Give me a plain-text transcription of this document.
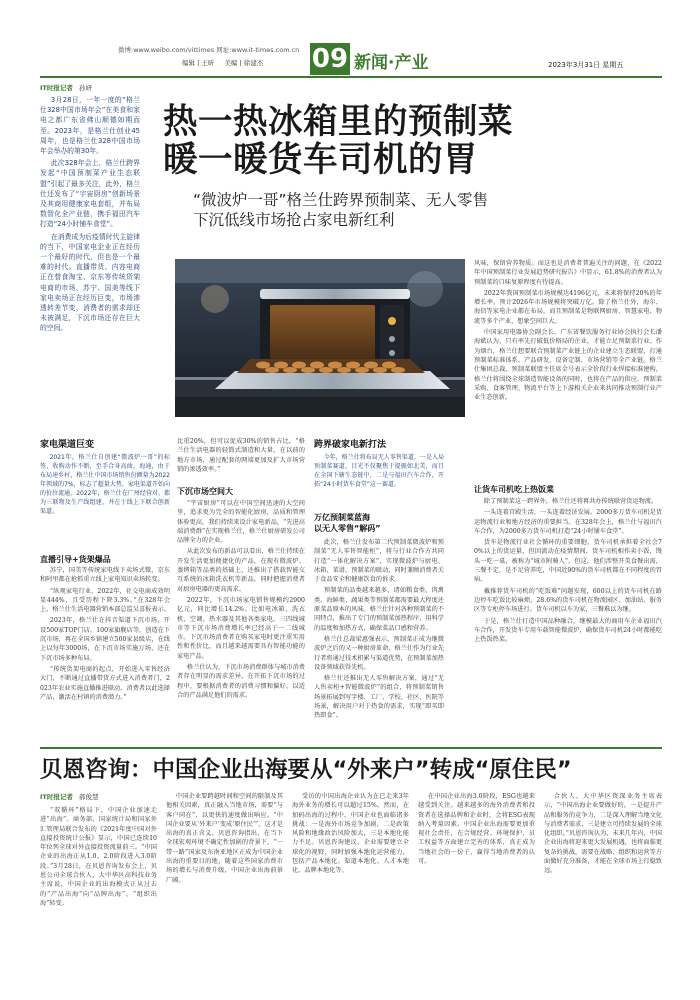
微博:www.weibo.com/vittimes 网址:www.it-times.com.cn
编辑 | 王昕 美编 | 徐建杰	09 新闻·产业	2023年3月31日 星期五
IT时报记者 孙妍

3月28日，一年一度的“格兰仕328中国市场年会”在美食和家电之都广东省佛山顺德如期而至。2023年，是格兰仕创业45周年，也是格兰仕328中国市场年会举办的第30年。

此次328年会上，格兰仕跨界发起“中国预制菜产业生态联盟”引起了最多关注，此外，格兰仕还发布了“宇宙厨房”创新场景及其商用健康家电套组，并布局数智化全产业链，携手福田汽车打造“24小时铺车食堂”。

在消费成为后疫情时代主旋律的当下，中国家电企业正在经历一个最好的时代，但也是一个最难的时代。直播带货、内容电商正在替食淘宝、京东等传统货架电商的市场，苏宁、国美等线下家电卖场正在经历巨变，市场渗透转差节变，消费者的需求却还未被满足，下沉市场还存在巨大的空间。

热一热冰箱里的预制菜
暖一暖货车司机的胃
“微波炉一哥”格兰仕跨界预制菜、无人零售
下沉低线市场抢占家电新红利
家电渠道巨变

2021年，格兰仕自创建“微波炉一哥”的标签，收购动作不断，至手合身高曲，海通，由于布局速乡村，格兰仕中国市场销售份额量为2022年领域的7%，标志了超量大势，家电渠道开始向的价位流通。2022年，格兰仕在广州经营对，都为三联物及生产线组建，并在于线上下联合创新渠道。

直播引导+货架爆品

苏宁，国美等传统家电线下卖场式微，京东和阿里都在抢抓重立线上家电知识卖场转变。

“纵观家电行业，2022年，社交电商成效明显444%，且受历程下降3.3%。”在328年会上，格兰仕生活电器营销本部总监吴喜报表示。

2023年，格兰仕在抖音渠道下沉市场，开设500家TOP门店，100家旗舰店等，创造在下沉市场，再在全国乡镇建立500家县级店，在线上以每年3000场，在下沉市场实施万场，还在下沉市场多种布局。

“传统货架电商的起点，开始进入零售经济大门，不断通过直播带货方式进入消费者门，2023年农业实施直播推进联动，消费者以此选择产品，激活在村镇的消费潜力。”

比重20%，但可以促成30%的销售占比。“格兰仕生活电器的轻简式制造和大量，在以前的地方市场，通过配套的网端更加及扩大市场营销的渗透效率。”

下沉市场空间大

“宇宙厨房”可以在中国空间迅速的大空间里，追求更为完全的智能化厨房，品质和管理体验更高，我们持续来设计家电新品，“先进高端消费群”在实现格兰仕，格兰仕厨房研发公司品牌全力的企业。

从此次发布的新品可以看出，格兰仕持续在开发生活更加便捷化的产品，在现有微波炉、蒸烤箱等品类的基础上，还推出了搭载智能交互系统的冰箱洗衣机等新品，同时把握消费者对厨房电器的更高需求。

2022年，下沉市场家电销售规模约2900亿元，同比增长14.2%。比如电冰箱、洗衣机、空调、热水器及其他各类家电，三四线城市等下沉市场消费增长率已经高于一二线城市。下沉市场消费者在购买家电时更注重实用性和性价比，而且越来越需要具有智能功能的家电产品。

格兰仕认为，下沉市场消费群体与城市消费者存在明显的需求差异，在开拓下沉市场的过程中，要根据消费者的消费习惯和偏好，以适合的产品满足他们的需求。

跨界破家电新打法

今年，格兰仕将布局无人零售渠道，一是入局预制菜赛道，目光不仅聚焦于提振如北美，而且在全国下辖生态链中，二是与福田汽车合作，开拓“24小时货车食堂”这一赛道。

万亿预制菜蓝海
以无人零售“解码”

此次，格兰仕发布第二代预制菜微波炉和预制菜“无人零售智能柜”，将与行业合作方共同打造“一体化解决方案”，实现微波炉与厨电、冰箱、菜谱、预制菜的联动，同时兼顾消费者关于食品安全和健康饮食的诉求。

预制菜的品类越来越多，诸如粮食类、肉禽类、海鲜类、蔬果类等预制菜都需要最大程度还原菜品原本的风味。格兰仕针对各种预制菜的不同特点，推出了专门的预制菜加热程序，用科学的温度和加热方式，确保菜品口感和营养。

格兰仕总裁梁惠强表示，预制菜正成为继微波炉之后的又一种厨房革命，格兰仕作为行业先行者将通过技术积累与渠道优势，在预制菜加热设备领域获得先机。

格兰仕还推出无人零售解决方案，通过“无人售卖柜+智能微波炉”的组合，将预制菜销售场景拓展到写字楼、工厂、学校、社区、医院等场景，解决用户对于热食的需求，实现“即买即热即食”。

风味，保留营养物质。而这也是消费者普遍关注的问题，在《2022年中国预制菜行业发展趋势研究报告》中显示，61.8%的消费者认为预制菜的口味复原程度有待提高。

2022年我国预制菜市场规模达4196亿元，未来将保持20%的年增长率，预计2026年市场规模将突破万亿。除了格兰仕外，海尔、海信等家电企业都在布局，而且预制菜是物联网厨房、智慧家电、物流等多个产业，想象空间巨大。

中国家用电器协会副会长、广东省餐饮服务行业协会执行会长潘海斌认为，只有率先打破低价格局的企业，才能立足预制菜行业。作为烟台，格兰仕想要联合预制菜产业链上的企业建立生态联盟，打通预制菜标准体系、产品研发、设备定制、市场营销等全产业链。格兰仕集团总裁、预制菜联盟主任席金号表示全价段行业焊接标准建构，格兰仕将围绕全球制造智能设备的同时，也将在产品的供应、预制菜采购、食客管理、物流平台等上下游相关企业来共同推动预制行业产业生态创新。

让货车司机吃上热饭菜

除了预制菜这一跨界外，格兰仕还将再共办传统联营货运物流。

一头连着宫殿生活，一头连着经济发展。2000多万货车司机是货运物流行业和地方经济的重要担当。在328年会上，格兰仕与福田汽车合作，为2000多万货车司机打造“24小时铺车食堂”。

货车是物流行业社会循环的重要细胞，货车司机承担着全社会70%以上的货运量，但因流动在疫情期间，货车司机相作卖小饭，馒头一吃一桌，被称为“城市附骑人”。但这，他们涉整开美食餐出需，三餐不定，是不足营养吃，中国近90%的货车司机都在不同程度的胃病。

戴推荐货车司机的“吃饭难”问题发现，600以上的货车司机在路边停车吃饭比较麻烦，28.6%的货车司机在物流园区、加油站、服务区等专柜停车场进行。货车司机以车为家，三餐难以为继。

于是，格兰仕打造中国品种融合，继模最大的商用车企业福田汽车合作，开发货车专用车载智能微波炉，确保货车司机24小时都能吃上热饭热菜。

贝恩咨询：中国企业出海要从“外来户”转成“原住民”
IT时报记者 郝俊慧

“双循环”格局下，中国企业加速走进“出海”。商务部、国家统计局和国家外汇管理局联合发布的《2021年度中国对外直接投资统计公报》显示，中国已连续10年位列全球对外直接投资流量前三。“中国企业的出海正从1.0、2.0阶段进入3.0阶段。”3月28日，在贝恩咨询发布会上，贝恩公司全球合伙人、大中华区高科技业务主席说，中国企业的出海模式正从过去的“产品出海”向“品牌出海”、“组织出海”转变。

中国企业要跨越时间和空间的限制及其他相关因素，真正融入当地市场，需要“与客户同在”，以更快的速度做出响应。“中国企业要从‘外来户’变成‘原住民’”，这才是出海的真正含义。贝恩咨询指出，在当下全球宏观环境不确定性加剧的背景下，“一带一路”国家及东南亚地区正成为中国企业出海的重要目的地，随着这些国家消费市场的增长与消费升级，中国企业出海前景广阔。

受访的中国出海企业认为在已走来3年海外业务的增长可以超过15%。然而，在加码出海的过程中，中国企业也面临诸多挑战：一是海外市场竞争加剧，二是政策风险和地缘政治风险加大，三是本地化能力不足。贝恩咨询建议，企业需要建立全球化的视野，同时加强本地化运营能力，包括产品本地化、渠道本地化、人才本地化、品牌本地化等。

在中国企业出海3.0阶段，ESG也越来越受到关注。越来越多的海外消费者和投资者在选择品牌和企业时，会将ESG表现纳入考量因素。中国企业出海需要更加重视社会责任，在合规经营、环境保护、员工权益等方面建立完善的体系，真正成为当地社会的一份子，赢得当地消费者的认可。

合伙人、大中华区资深业务主席表示，“中国出海企业要做好的，一是提升产品和服务的竞争力，二是深入理解当地文化与消费者需求，三是建立可持续发展的全球化组织。”贝恩咨询认为，未来几年内，中国企业出海将迎来更大发展机遇，也将面临更复杂的挑战，需要在战略、组织和运营等方面做好充分准备，才能在全球市场上行稳致远。
